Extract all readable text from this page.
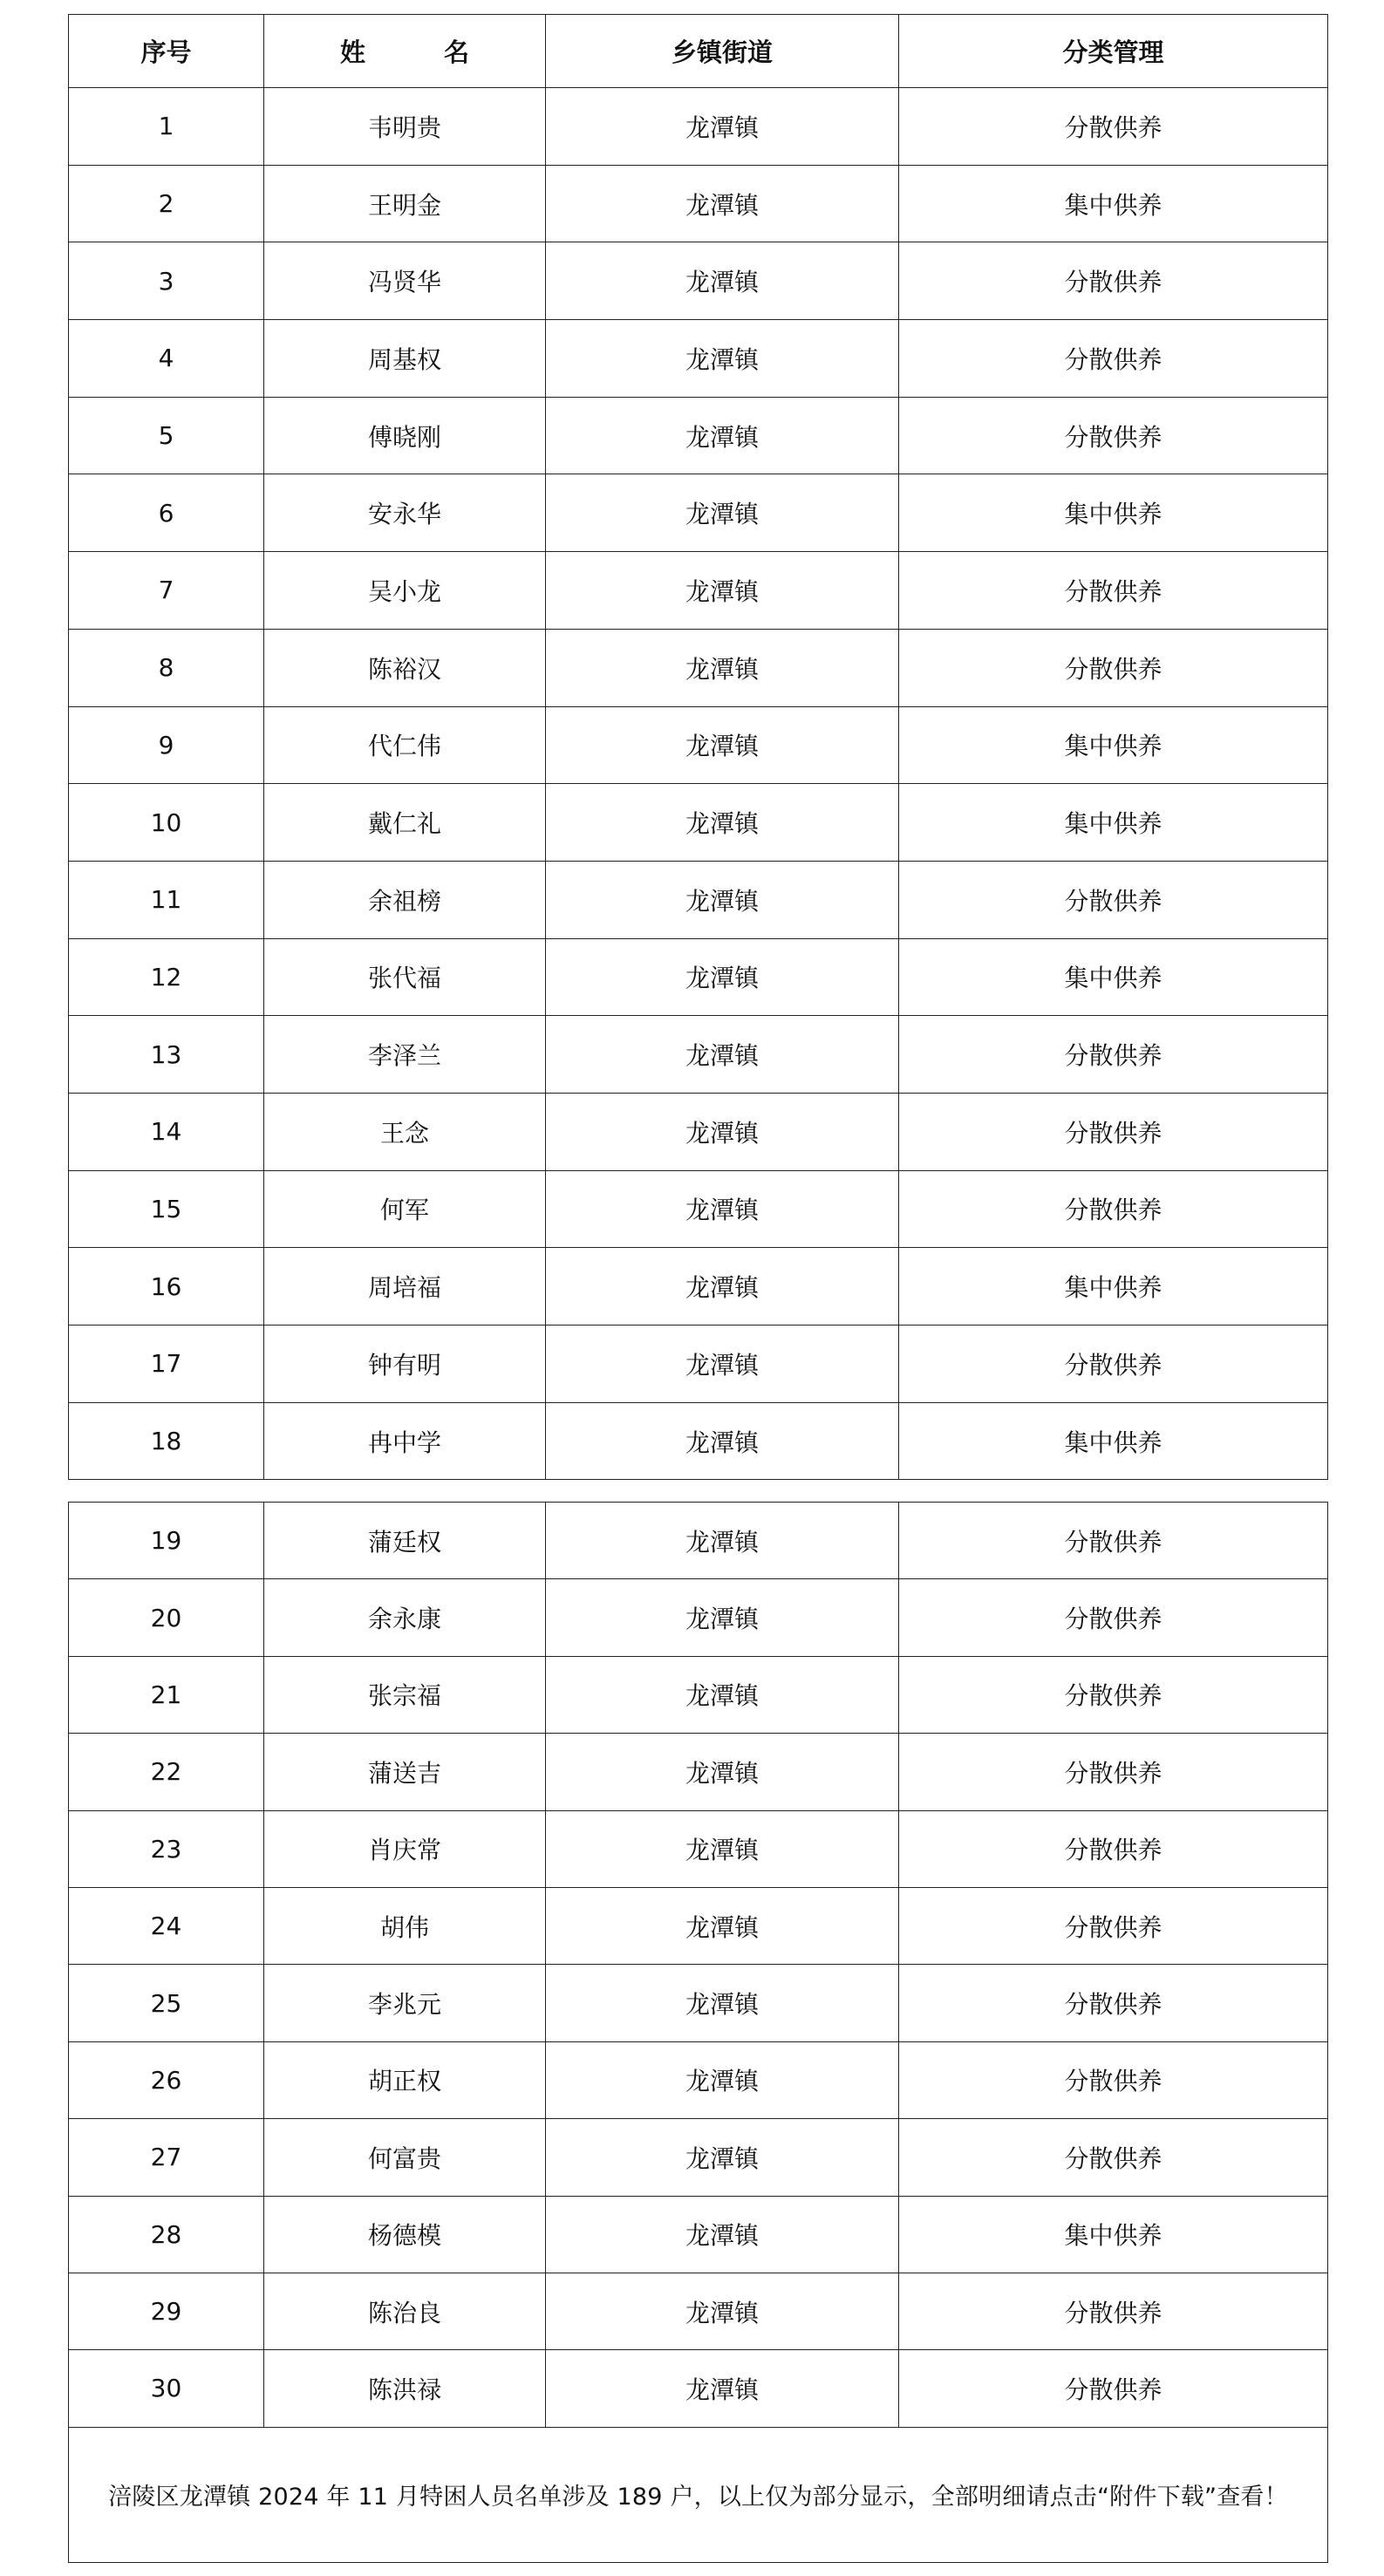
序号	姓 名	乡镇街道	分类管理
1	韦明贵	龙潭镇	分散供养
2	王明金	龙潭镇	集中供养
3	冯贤华	龙潭镇	分散供养
4	周基权	龙潭镇	分散供养
5	傅晓刚	龙潭镇	分散供养
6	安永华	龙潭镇	集中供养
7	吴小龙	龙潭镇	分散供养
8	陈裕汉	龙潭镇	分散供养
9	代仁伟	龙潭镇	集中供养
10	戴仁礼	龙潭镇	集中供养
11	余祖榜	龙潭镇	分散供养
12	张代福	龙潭镇	集中供养
13	李泽兰	龙潭镇	分散供养
14	王念	龙潭镇	分散供养
15	何军	龙潭镇	分散供养
16	周培福	龙潭镇	集中供养
17	钟有明	龙潭镇	分散供养
18	冉中学	龙潭镇	集中供养
19	蒲廷权	龙潭镇	分散供养
20	余永康	龙潭镇	分散供养
21	张宗福	龙潭镇	分散供养
22	蒲送吉	龙潭镇	分散供养
23	肖庆常	龙潭镇	分散供养
24	胡伟	龙潭镇	分散供养
25	李兆元	龙潭镇	分散供养
26	胡正权	龙潭镇	分散供养
27	何富贵	龙潭镇	分散供养
28	杨德模	龙潭镇	集中供养
29	陈治良	龙潭镇	分散供养
30	陈洪禄	龙潭镇	分散供养
涪陵区龙潭镇 2024 年 11 月特困人员名单涉及 189 户，以上仅为部分显示，全部明细请点击“附件下载”查看！			
